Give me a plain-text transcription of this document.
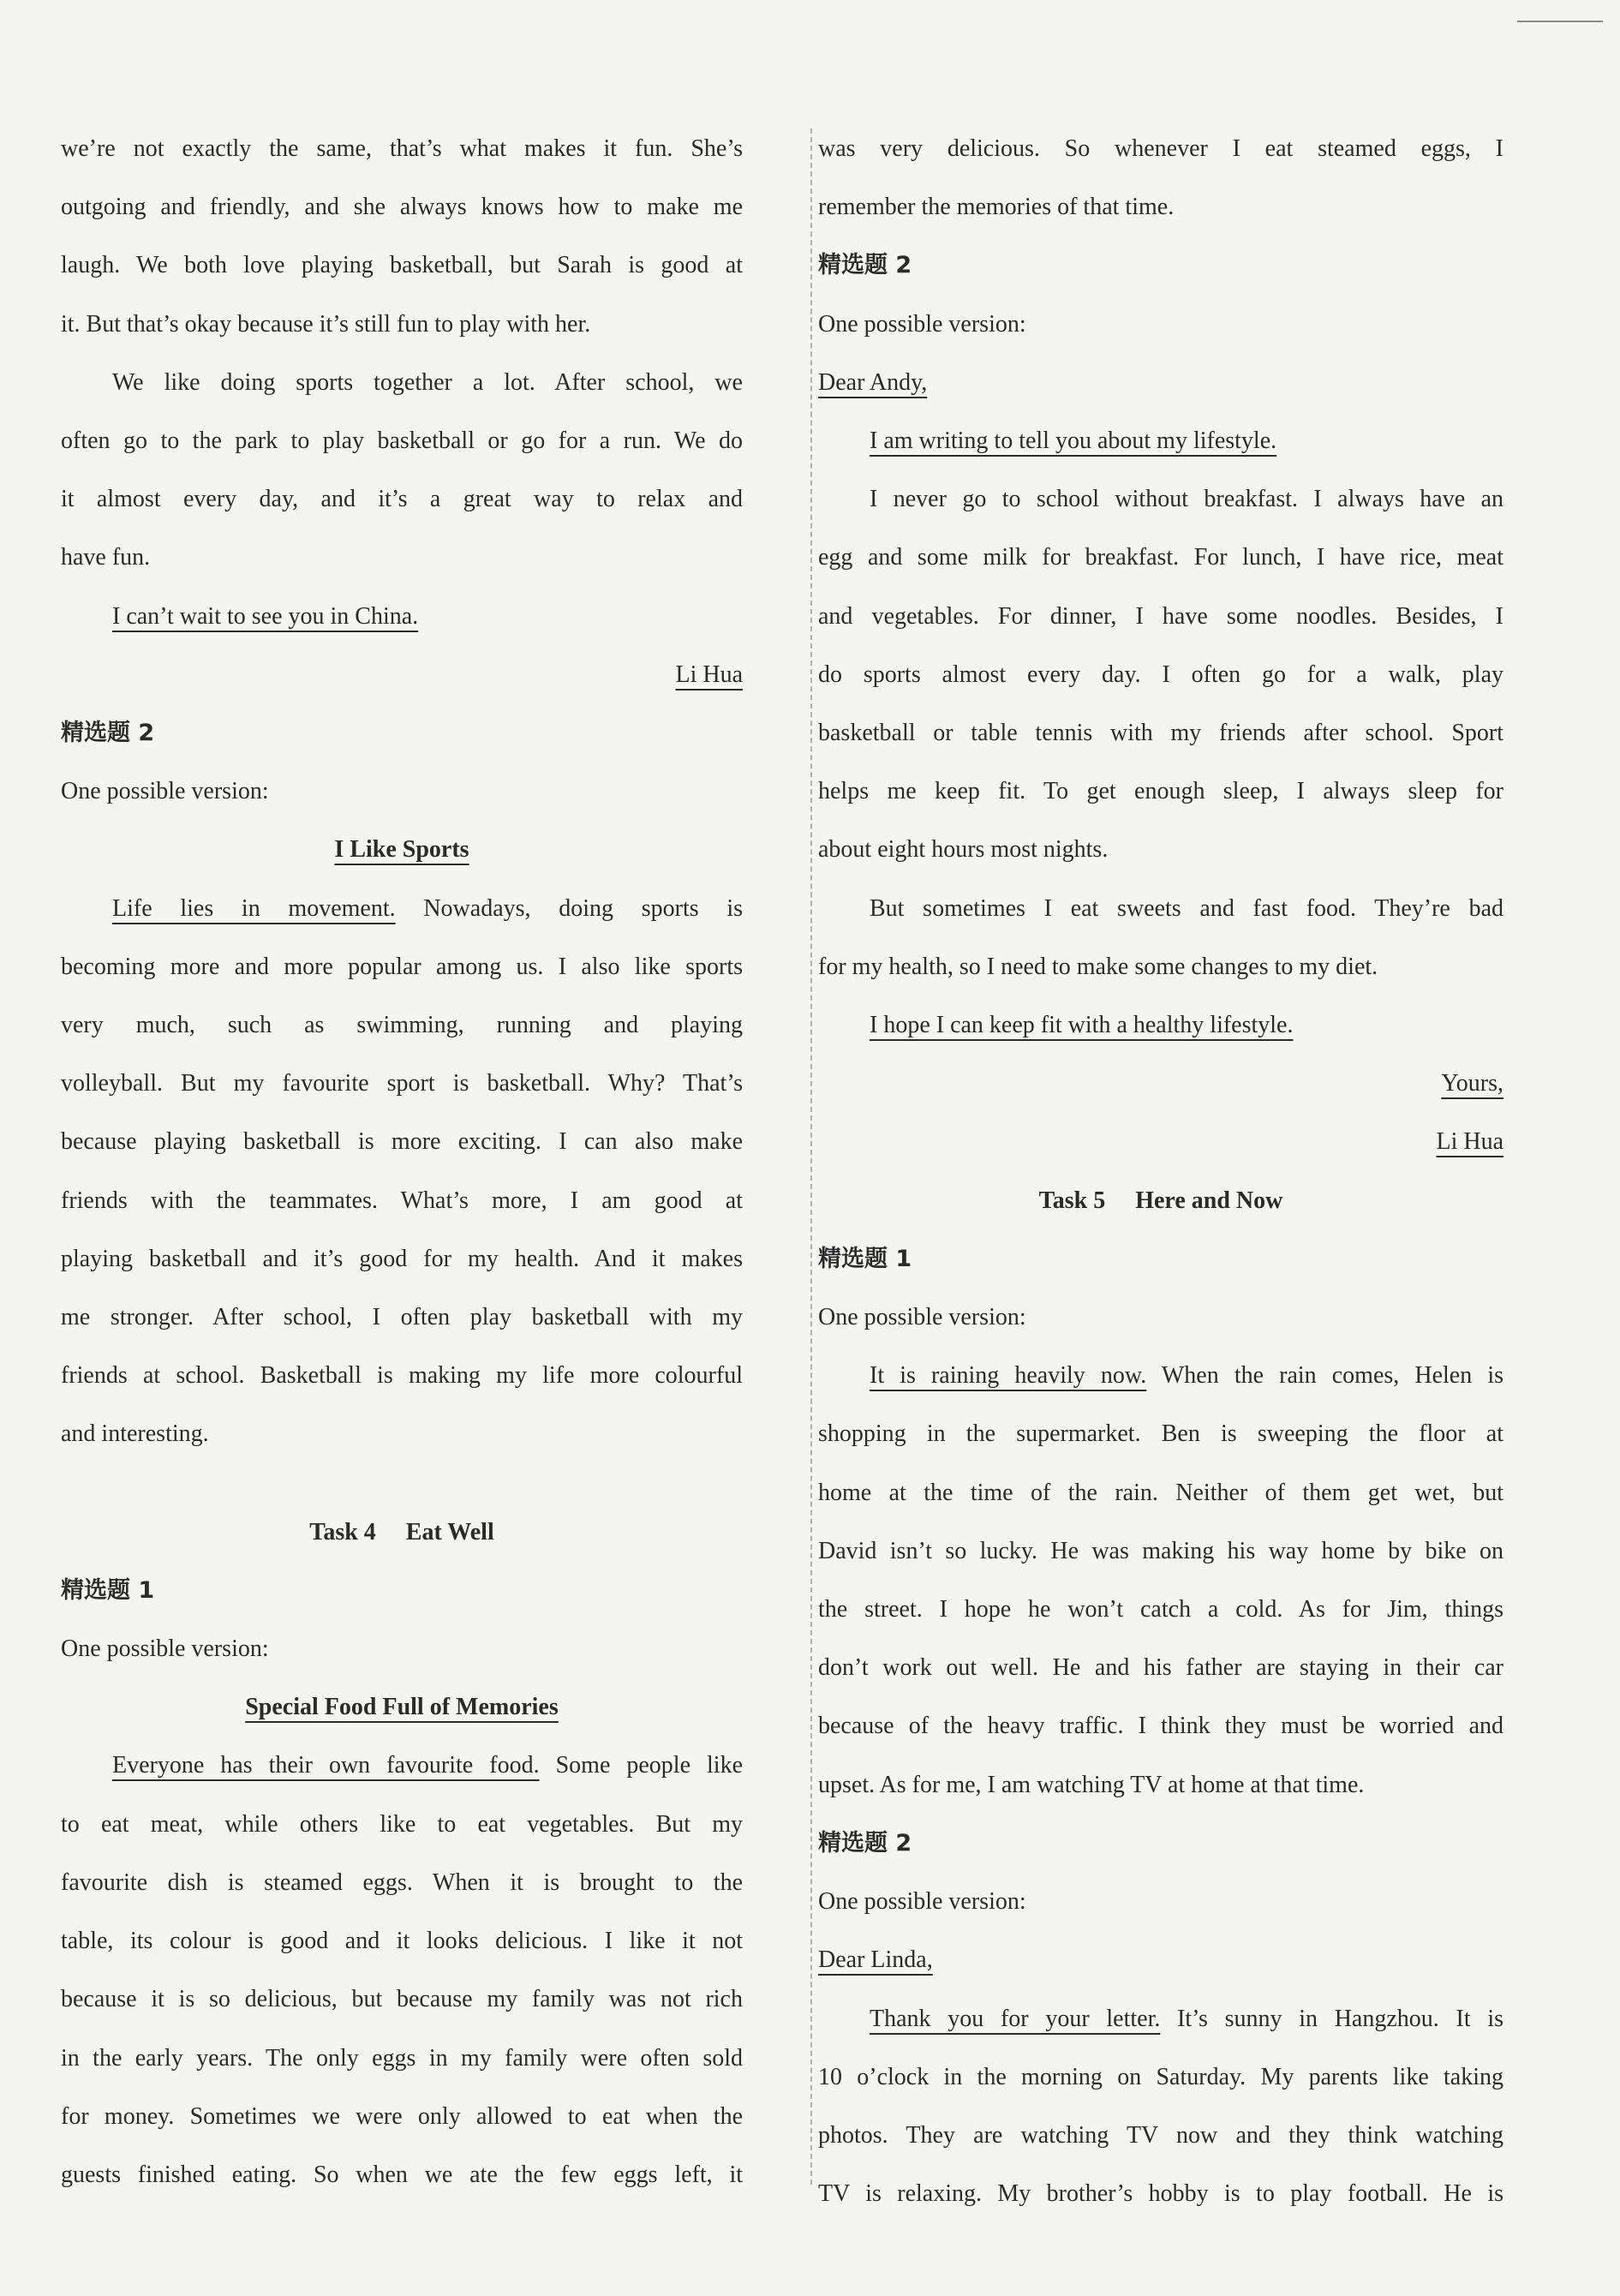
we’re not exactly the same, that’s what makes it fun. She’s

outgoing and friendly, and she always knows how to make me

laugh. We both love playing basketball, but Sarah is good at

it. But that’s okay because it’s still fun to play with her.

We like doing sports together a lot. After school, we

often go to the park to play basketball or go for a run. We do

it almost every day, and it’s a great way to relax and

have fun.

I can’t wait to see you in China.

Li Hua

精选题 2

One possible version:

I Like Sports

Life lies in movement. Nowadays, doing sports is

becoming more and more popular among us. I also like sports

very much, such as swimming, running and playing

volleyball. But my favourite sport is basketball. Why? That’s

because playing basketball is more exciting. I can also make

friends with the teammates. What’s more, I am good at

playing basketball and it’s good for my health. And it makes

me stronger. After school, I often play basketball with my

friends at school. Basketball is making my life more colourful

and interesting.

Task 4  Eat Well

精选题 1

One possible version:

Special Food Full of Memories

Everyone has their own favourite food. Some people like

to eat meat, while others like to eat vegetables. But my

favourite dish is steamed eggs. When it is brought to the

table, its colour is good and it looks delicious. I like it not

because it is so delicious, but because my family was not rich

in the early years. The only eggs in my family were often sold

for money. Sometimes we were only allowed to eat when the

guests finished eating. So when we ate the few eggs left, it

was very delicious. So whenever I eat steamed eggs, I

remember the memories of that time.

精选题 2

One possible version:

Dear Andy,

I am writing to tell you about my lifestyle.

I never go to school without breakfast. I always have an

egg and some milk for breakfast. For lunch, I have rice, meat

and vegetables. For dinner, I have some noodles. Besides, I

do sports almost every day. I often go for a walk, play

basketball or table tennis with my friends after school. Sport

helps me keep fit. To get enough sleep, I always sleep for

about eight hours most nights.

But sometimes I eat sweets and fast food. They’re bad

for my health, so I need to make some changes to my diet.

I hope I can keep fit with a healthy lifestyle.

Yours,

Li Hua

Task 5  Here and Now

精选题 1

One possible version:

It is raining heavily now. When the rain comes, Helen is

shopping in the supermarket. Ben is sweeping the floor at

home at the time of the rain. Neither of them get wet, but

David isn’t so lucky. He was making his way home by bike on

the street. I hope he won’t catch a cold. As for Jim, things

don’t work out well. He and his father are staying in their car

because of the heavy traffic. I think they must be worried and

upset. As for me, I am watching TV at home at that time.

精选题 2

One possible version:

Dear Linda,

Thank you for your letter. It’s sunny in Hangzhou. It is

10 o’clock in the morning on Saturday. My parents like taking

photos. They are watching TV now and they think watching

TV is relaxing. My brother’s hobby is to play football. He is
